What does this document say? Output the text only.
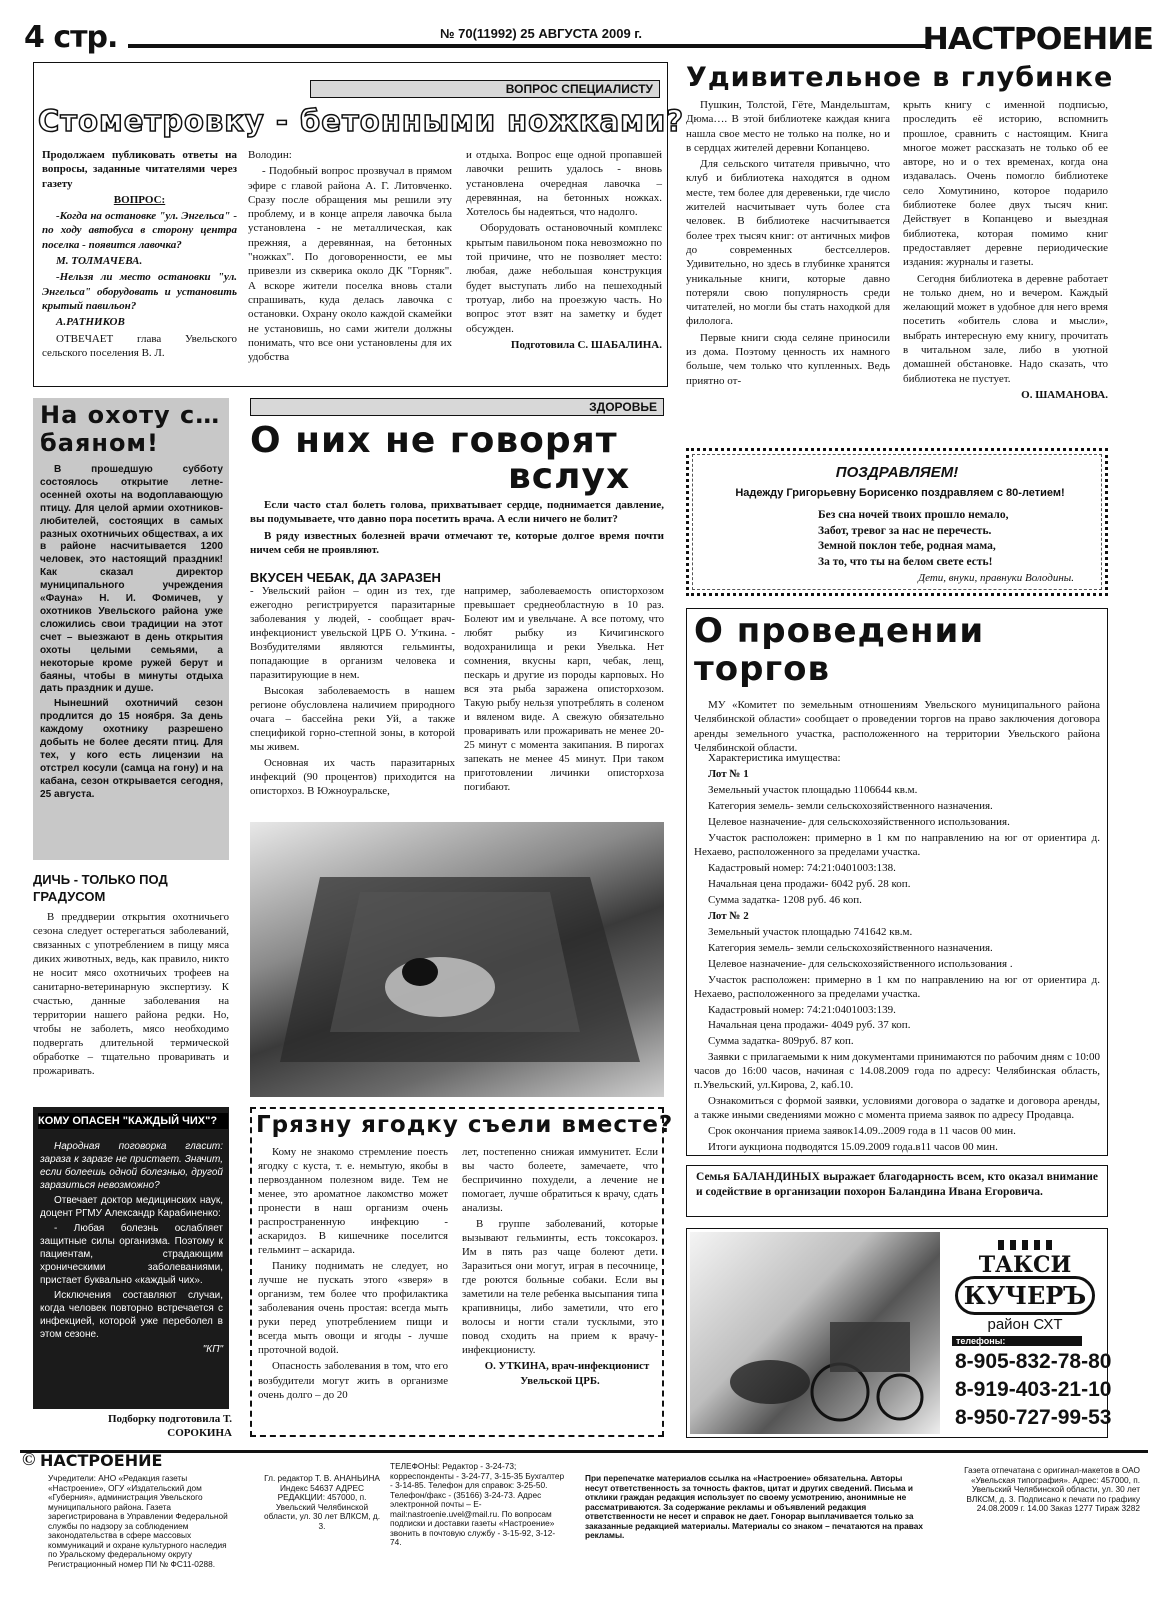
4 стр.	№ 70(11992) 25 АВГУСТА 2009 г.	НАСТРОЕНИЕ
ВОПРОС СПЕЦИАЛИСТУ
Стометровку - бетонными ножками?

Продолжаем публиковать ответы на вопросы, заданные читателями через газету

ВОПРОС:

-Когда на остановке "ул. Энгельса" - по ходу автобуса в сторону центра поселка - появится лавочка?

М. ТОЛМАЧЕВА.

-Нельзя ли место остановки "ул. Энгельса" оборудовать и установить крытый павильон?

А.РАТНИКОВ

ОТВЕЧАЕТ глава Увельского сельского поселения В. Л.

Володин:

- Подобный вопрос прозвучал в прямом эфире с главой района А. Г. Литовченко. Сразу после обращения мы решили эту проблему, и в конце апреля лавочка была установлена - не металлическая, как прежняя, а деревянная, на бетонных "ножках". По договоренности, ее мы привезли из скверика около ДК "Горняк". А вскоре жители поселка вновь стали спрашивать, куда делась лавочка с остановки. Охрану около каждой скамейки не установишь, но сами жители должны понимать, что все они установлены для их удобства

и отдыха. Вопрос еще одной пропавшей лавочки решить удалось - вновь установлена очередная лавочка – деревянная, на бетонных ножках. Хотелось бы надеяться, что надолго.

Оборудовать остановочный комплекс крытым павильоном пока невозможно по той причине, что не позволяет место: любая, даже небольшая конструкция будет выступать либо на пешеходный тротуар, либо на проезжую часть. Но вопрос этот взят на заметку и будет обсужден.

Подготовила С. ШАБАЛИНА.

Удивительное в глубинке

Пушкин, Толстой, Гёте, Мандельштам, Дюма…. В этой библиотеке каждая книга нашла свое место не только на полке, но и в сердцах жителей деревни Копанцево.

Для сельского читателя привычно, что клуб и библиотека находятся в одном месте, тем более для деревеньки, где число жителей насчитывает чуть более ста человек. В библиотеке насчитывается более трех тысяч книг: от античных мифов до современных бестселлеров. Удивительно, но здесь в глубинке хранятся уникальные книги, которые давно потеряли свою популярность среди читателей, но могли бы стать находкой для филолога.

Первые книги сюда селяне приносили из дома. Поэтому ценность их намного больше, чем только что купленных. Ведь приятно от-

крыть книгу с именной подписью, проследить её историю, вспомнить прошлое, сравнить с настоящим. Книга многое может рассказать не только об ее авторе, но и о тех временах, когда она издавалась. Очень помогло библиотеке село Хомутинино, которое подарило библиотеке более двух тысяч книг. Действует в Копанцево и выездная библиотека, которая помимо книг предоставляет деревне периодические издания: журналы и газеты.

Сегодня библиотека в деревне работает не только днем, но и вечером. Каждый желающий может в удобное для него время посетить «обитель слова и мысли», выбрать интересную ему книгу, прочитать в читальном зале, либо в уютной домашней обстановке. Надо сказать, что библиотека не пустует.

О. ШАМАНОВА.

ПОЗДРАВЛЯЕМ!
Надежду Григорьевну Борисенко поздравляем с 80-летием!
Без сна ночей твоих прошло немало,
Забот, тревог за нас не перечесть.
Земной поклон тебе, родная мама,
За то, что ты на белом свете есть!
Дети, внуки, правнуки Володины.
На охоту с… баяном!

В прошедшую субботу состоялось открытие летне-осенней охоты на водоплавающую птицу. Для целой армии охотников-любителей, состоящих в самых разных охотничьих обществах, а их в районе насчитывается 1200 человек, это настоящий праздник! Как сказал директор муниципального учреждения «Фауна» Н. И. Фомичев, у охотников Увельского района уже сложились свои традиции на этот счет – выезжают в день открытия охоты целыми семьями, а некоторые кроме ружей берут и баяны, чтобы в минуты отдыха дать праздник и душе.

Нынешний охотничий сезон продлится до 15 ноября. За день каждому охотнику разрешено добыть не более десяти птиц. Для тех, у кого есть лицензии на отстрел косули (самца на гону) и на кабана, сезон открывается сегодня, 25 августа.

ДИЧЬ - ТОЛЬКО ПОД ГРАДУСОМ

В преддверии открытия охотничьего сезона следует остерегаться заболеваний, связанных с употреблением в пищу мяса диких животных, ведь, как правило, никто не носит мясо охотничьих трофеев на санитарно-ветеринарную экспертизу. К счастью, данные заболевания на территории нашего района редки. Но, чтобы не заболеть, мясо необходимо подвергать длительной термической обработке – тщательно проваривать и прожаривать.

КОМУ ОПАСЕН "КАЖДЫЙ ЧИХ"?

Народная поговорка гласит: зараза к заразе не пристает. Значит, если болеешь одной болезнью, другой заразиться невозможно?

Отвечает доктор медицинских наук, доцент РГМУ Александр Карабиненко:

- Любая болезнь ослабляет защитные силы организма. Поэтому к пациентам, страдающим хроническими заболеваниями, пристает буквально «каждый чих».

Исключения составляют случаи, когда человек повторно встречается с инфекцией, которой уже переболел в этом сезоне.

"КП"

Подборку подготовила Т. СОРОКИНА
ЗДОРОВЬЕ
О них не говорят
вслух

Если часто стал болеть голова, прихватывает сердце, поднимается давление, вы подумываете, что давно пора посетить врача. А если ничего не болит?

В ряду известных болезней врачи отмечают те, которые долгое время почти ничем себя не проявляют.

ВКУСЕН ЧЕБАК, ДА ЗАРАЗЕН

- Увельский район – один из тех, где ежегодно регистрируется паразитарные заболевания у людей, - сообщает врач-инфекционист увельской ЦРБ О. Уткина. - Возбудителями являются гельминты, попадающие в организм человека и паразитирующие в нем.

Высокая заболеваемость в нашем регионе обусловлена наличием природного очага – бассейна реки Уй, а также спецификой горно-степной зоны, в которой мы живем.

Основная их часть паразитарных инфекций (90 процентов) приходится на описторхоз. В Южноуральске,

например, заболеваемость описторхозом превышает среднеобластную в 10 раз. Болеют им и увельчане. А все потому, что любят рыбку из Кичигинского водохранилища и реки Увелька. Нет сомнения, вкусны карп, чебак, лещ, пескарь и другие из породы карповых. Но вся эта рыба заражена описторхозом. Такую рыбу нельзя употреблять в соленом и вяленом виде. А свежую обязательно проваривать или прожаривать не менее 20-25 минут с момента закипания. В пирогах запекать не менее 45 минут. При таком приготовлении личинки описторхоза погибают.

Грязну ягодку съели вместе?

Кому не знакомо стремление поесть ягодку с куста, т. е. немытую, якобы в первозданном полезном виде. Тем не менее, это ароматное лакомство может пронести в наш организм очень распространенную инфекцию - аскаридоз. В кишечнике поселится гельминт – аскарида.

Панику поднимать не следует, но лучше не пускать этого «зверя» в организм, тем более что профилактика заболевания очень простая: всегда мыть руки перед употреблением пищи и всегда мыть овощи и ягоды - лучше проточной водой.

Опасность заболевания в том, что его возбудители могут жить в организме очень долго – до 20

лет, постепенно снижая иммунитет. Если вы часто болеете, замечаете, что беспричинно похудели, а лечение не помогает, лучше обратиться к врачу, сдать анализы.

В группе заболеваний, которые вызывают гельминты, есть токсокароз. Им в пять раз чаще болеют дети. Заразиться они могут, играя в песочнице, где роются больные собаки. Если вы заметили на теле ребенка высыпания типа крапивницы, либо заметили, что его волосы и ногти стали тусклыми, это повод сходить на прием к врачу-инфекционисту.

О. УТКИНА, врач-инфекционист Увельской ЦРБ.

О проведении
торгов

МУ «Комитет по земельным отношениям Увельского муниципального района Челябинской области» сообщает о проведении торгов на право заключения договора аренды земельного участка, расположенного на территории Увельского района Челябинской области.

Характеристика имущества:

Лот № 1

Земельный участок площадью 1106644 кв.м.

Категория земель- земли сельскохозяйственного назначения.

Целевое назначение- для сельскохозяйственного использования.

Участок расположен: примерно в 1 км по направлению на юг от ориентира д. Нехаево, расположенного за пределами участка.

Кадастровый номер: 74:21:0401003:138.

Начальная цена продажи- 6042 руб. 28 коп.

Сумма задатка- 1208 руб. 46 коп.

Лот № 2

Земельный участок площадью 741642 кв.м.

Категория земель- земли сельскохозяйственного назначения.

Целевое назначение- для сельскохозяйственного использования .

Участок расположен: примерно в 1 км по направлению на юг от ориентира д. Нехаево, расположенного за пределами участка.

Кадастровый номер: 74:21:0401003:139.

Начальная цена продажи- 4049 руб. 37 коп.

Сумма задатка- 809руб. 87 коп.

Заявки с прилагаемыми к ним документами принимаются по рабочим дням с 10:00 часов до 16:00 часов, начиная с 14.08.2009 года по адресу: Челябинская область, п.Увельский, ул.Кирова, 2, каб.10.

Ознакомиться с формой заявки, условиями договора о задатке и договора аренды, а также иными сведениями можно с момента приема заявок по адресу Продавца.

Срок окончания приема заявок14.09..2009 года в 11 часов 00 мин.

Итоги аукциона подводятся 15.09.2009 года.в11 часов 00 мин.

Семья БАЛАНДИНЫХ выражает благодарность всем, кто оказал внимание и содействие в организации похорон Баландина Ивана Егоровича.
ТАКСИ
КУЧЕРЪ
район СХТ
телефоны:
8-905-832-78-80
8-919-403-21-10
8-950-727-99-53
© НАСТРОЕНИЕ
Учредители: АНО «Редакция газеты «Настроение», ОГУ «Издательский дом «Губерния», администрация Увельского муниципального района. Газета зарегистрирована в Управлении Федеральной службы по надзору за соблюдением законодательства в сфере массовых коммуникаций и охране культурного наследия по Уральскому федеральному округу Регистрационный номер ПИ № ФС11-0288.
Гл. редактор Т. В. АНАНЬИНА Индекс 54637 АДРЕС РЕДАКЦИИ: 457000, п. Увельский Челябинской области, ул. 30 лет ВЛКСМ, д. 3.
ТЕЛЕФОНЫ: Редактор - 3-24-73; корреспонденты - 3-24-77, 3-15-35 Бухгалтер - 3-14-85. Телефон для справок: 3-25-50. Телефон/факс - (35166) 3-24-73. Адрес электронной почты – E-mail:nastroenie.uvel@mail.ru. По вопросам подписки и доставки газеты «Настроение» звонить в почтовую службу - 3-15-92, 3-12-74.
При перепечатке материалов ссылка на «Настроение» обязательна. Авторы несут ответственность за точность фактов, цитат и других сведений. Письма и отклики граждан редакция использует по своему усмотрению, анонимные не рассматриваются. За содержание рекламы и объявлений редакция ответственности не несет и справок не дает. Гонорар выплачивается только за заказанные редакцией материалы. Материалы со знаком – печатаются на правах рекламы.
Газета отпечатана с оригинал-макетов в ОАО «Увельская типография». Адрес: 457000, п. Увельский Челябинской области, ул. 30 лет ВЛКСМ, д. 3. Подписано к печати по графику 24.08.2009 г. 14.00 Заказ 1277 Тираж 3282
